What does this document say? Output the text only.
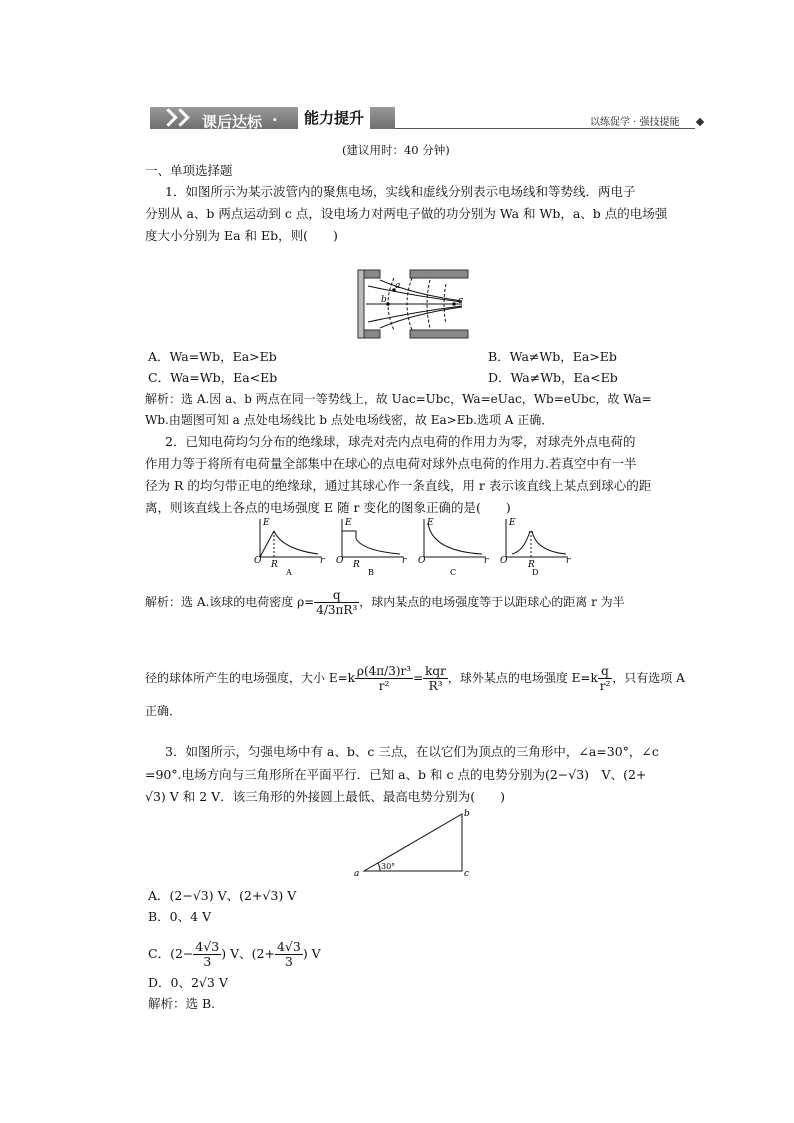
课后达标 ·	能力提升	以练促学 · 强技提能
(建议用时：40 分钟)
一、单项选择题
1．如图所示为某示波管内的聚焦电场，实线和虚线分别表示电场线和等势线．两电子
分别从 a、b 两点运动到 c 点，设电场力对两电子做的功分别为 Wa 和 Wb，a、b 点的电场强
度大小分别为 Ea 和 Eb，则(　　)
a
b	c
A．Wa=Wb，Ea>Eb	B．Wa≠Wb，Ea>Eb
C．Wa=Wb，Ea<Eb	D．Wa≠Wb，Ea<Eb
解析：选 A.因 a、b 两点在同一等势线上，故 Uac=Ubc，Wa=eUac，Wb=eUbc，故 Wa=
Wb.由题图可知 a 点处电场线比 b 点处电场线密，故 Ea>Eb.选项 A 正确．
2．已知电荷均匀分布的绝缘球，球壳对壳内点电荷的作用力为零，对球壳外点电荷的
作用力等于将所有电荷量全部集中在球心的点电荷对球外点电荷的作用力.若真空中有一半
径为 R 的均匀带正电的绝缘球，通过其球心作一条直线，用 r 表示该直线上某点到球心的距
离，则该直线上各点的电场强度 E 随 r 变化的图象正确的是(　　)
E
O R	r
A
E
O R	r
B
E
O	r
C
E
O R	r
D
解析：选 A.该球的电荷密度 $\rho= \frac{q}{\text{4/3πR³}}$ ，球内某点的电场强度等于以距球心的距离 r 为半
径的球体所产生的电场强度，大小 $E=k \frac{\text{ρ(4π/3)r³}}{\text{r²}} = \frac{\text{kqr}}{\text{R³}}$ ，球外某点的电场强度 $E=k \frac{q}{\text{r²}}$ ，只有选项 A
正确．
3．如图所示，匀强电场中有 a、b、c 三点，在以它们为顶点的三角形中，∠a=30°，∠c
=90°.电场方向与三角形所在平面平行．已知 a、b 和 c 点的电势分别为(2−√3)　V、(2+
√3) V 和 2 V．该三角形的外接圆上最低、最高电势分别为(　　)
a
b
c
30°
A．(2−√3) V、(2+√3) V
B．0、4 V
C．($2- \frac{4√3}{3}$ ) V、($2+ \frac{4√3}{3}$ ) V
D．0、2√3 V
解析：选 B.
